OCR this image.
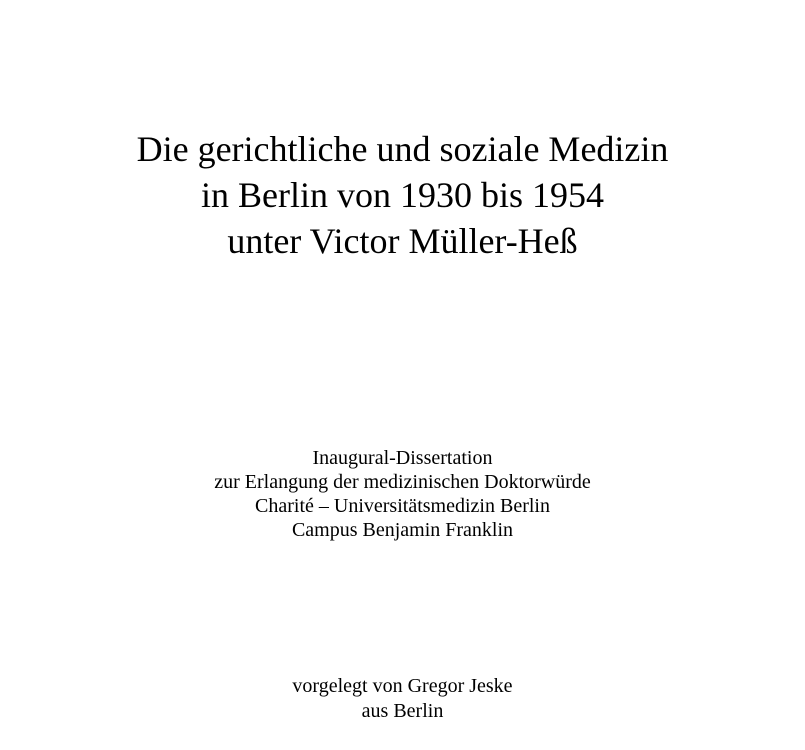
Die gerichtliche und soziale Medizin
in Berlin von 1930 bis 1954
unter Victor Müller-Heß
Inaugural-Dissertation
zur Erlangung der medizinischen Doktorwürde
Charité – Universitätsmedizin Berlin
Campus Benjamin Franklin
vorgelegt von Gregor Jeske
aus Berlin
